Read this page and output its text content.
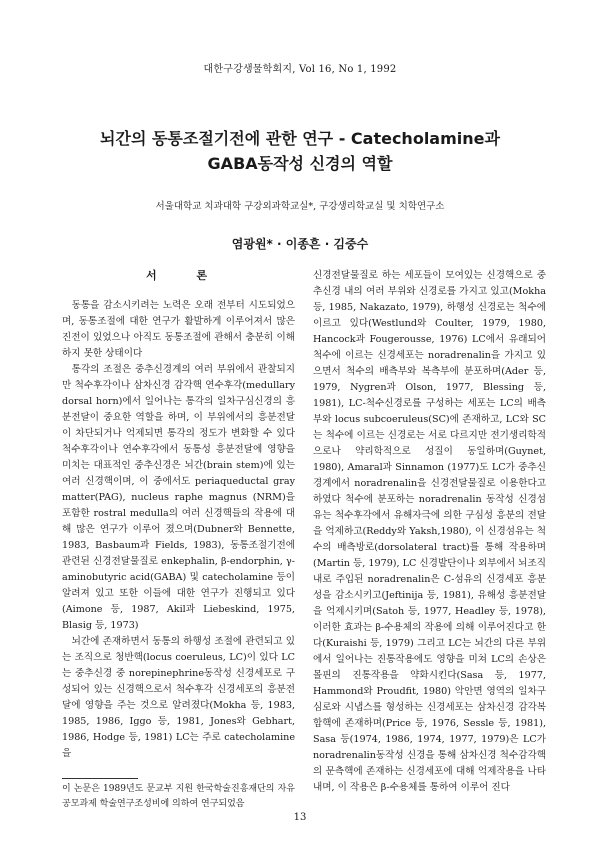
대한구강생물학회지, Vol 16, No 1, 1992
뇌간의 동통조절기전에 관한 연구 - Catecholamine과
GABA동작성 신경의 역할
서울대학교 치과대학 구강외과학교실*, 구강생리학교실 및 치학연구소
염광원* · 이종흔 · 김중수
서 론

동통을 감소시키려는 노력은 오래 전부터 시도되었으며, 동통조절에 대한 연구가 활발하게 이루어져서 많은 진전이 있었으나 아직도 동통조절에 관해서 충분히 이해하지 못한 상태이다

통각의 조절은 중추신경계의 여러 부위에서 관찰되지만 척수후각이나 삼차신경 감각핵 연수후각(medullary dorsal horn)에서 일어나는 통각의 일차구심신경의 흥분전달이 중요한 역할을 하며, 이 부위에서의 흥분전달이 차단되거나 억제되면 통각의 정도가 변화할 수 있다 척수후각이나 연수후각에서 동통성 흥분전달에 영향을 미치는 대표적인 중추신경은 뇌간(brain stem)에 있는 여러 신경핵이며, 이 중에서도 periaqueductal gray matter(PAG), nucleus raphe magnus (NRM)을 포함한 rostral medulla의 여러 신경핵들의 작용에 대해 많은 연구가 이루어 졌으며(Dubner와 Bennette, 1983, Basbaum과 Fields, 1983), 동통조절기전에 관련된 신경전달물질로 enkephalin, β-endorphin, γ-aminobutyric acid(GABA) 및 catecholamine 등이 알려져 있고 또한 이들에 대한 연구가 진행되고 있다(Aimone 등, 1987, Akil과 Liebeskind, 1975, Blasig 등, 1973)

뇌간에 존재하면서 동통의 하행성 조절에 관련되고 있는 조직으로 청반핵(locus coeruleus, LC)이 있다 LC는 중추신경 중 norepinephrine동작성 신경세포로 구성되어 있는 신경핵으로서 척수후각 신경세포의 흥분전달에 영향을 주는 것으로 알려졌다(Mokha 등, 1983, 1985, 1986, Iggo 등, 1981, Jones와 Gebhart, 1986, Hodge 등, 1981) LC는 주로 catecholamine을

신경전달물질로 하는 세포들이 모여있는 신경핵으로 중추신경 내의 여러 부위와 신경로를 가지고 있고(Mokha 등, 1985, Nakazato, 1979), 하행성 신경로는 척수에 이르고 있다(Westlund와 Coulter, 1979, 1980, Hancock과 Fougerousse, 1976) LC에서 유래되어 척수에 이르는 신경세포는 noradrenalin을 가지고 있으면서 척수의 배측부와 복측부에 분포하며(Ader 등, 1979, Nygren과 Olson, 1977, Blessing 등, 1981), LC-척수신경로를 구성하는 세포는 LC의 배측부와 locus subcoeruleus(SC)에 존재하고, LC와 SC는 척수에 이르는 신경로는 서로 다르지만 전기생리학적으로나 약리학적으로 성질이 동일하며(Guynet, 1980), Amaral과 Sinnamon (1977)도 LC가 중추신경계에서 noradrenalin을 신경전달물질로 이용한다고 하였다 척수에 분포하는 noradrenalin 동작성 신경섬유는 척수후각에서 유해자극에 의한 구심성 흥분의 전달을 억제하고(Reddy와 Yaksh,1980), 이 신경섬유는 척수의 배측방로(dorsolateral tract)를 통해 작용하며(Martin 등, 1979), LC 신경발단이나 외부에서 뇌조직 내로 주입된 noradrenalin은 C-섬유의 신경세포 흥분성을 감소시키고(Jeftinija 등, 1981), 유해성 흥분전달을 억제시키며(Satoh 등, 1977, Headley 등, 1978), 이러한 효과는 β-수용체의 작용에 의해 이루어진다고 한다(Kuraishi 등, 1979) 그리고 LC는 뇌간의 다른 부위에서 일어나는 진통작용에도 영향을 미쳐 LC의 손상은 몰핀의 진통작용을 약화시킨다(Sasa 등, 1977, Hammond와 Proudfit, 1980) 악안면 영역의 일차구심로와 시냅스를 형성하는 신경세포는 삼차신경 감각복합핵에 존재하며(Price 등, 1976, Sessle 등, 1981), Sasa 등(1974, 1986, 1974, 1977, 1979)은 LC가 noradrenalin동작성 신경을 통해 삼차신경 척수감각핵의 문측핵에 존재하는 신경세포에 대해 억제작용을 나타내며, 이 작용은 β-수용체를 통하여 이루어 진다

이 논문은 1989년도 문교부 지원 한국학술진흥재단의 자유공모과제 학술연구조성비에 의하여 연구되었음
13
